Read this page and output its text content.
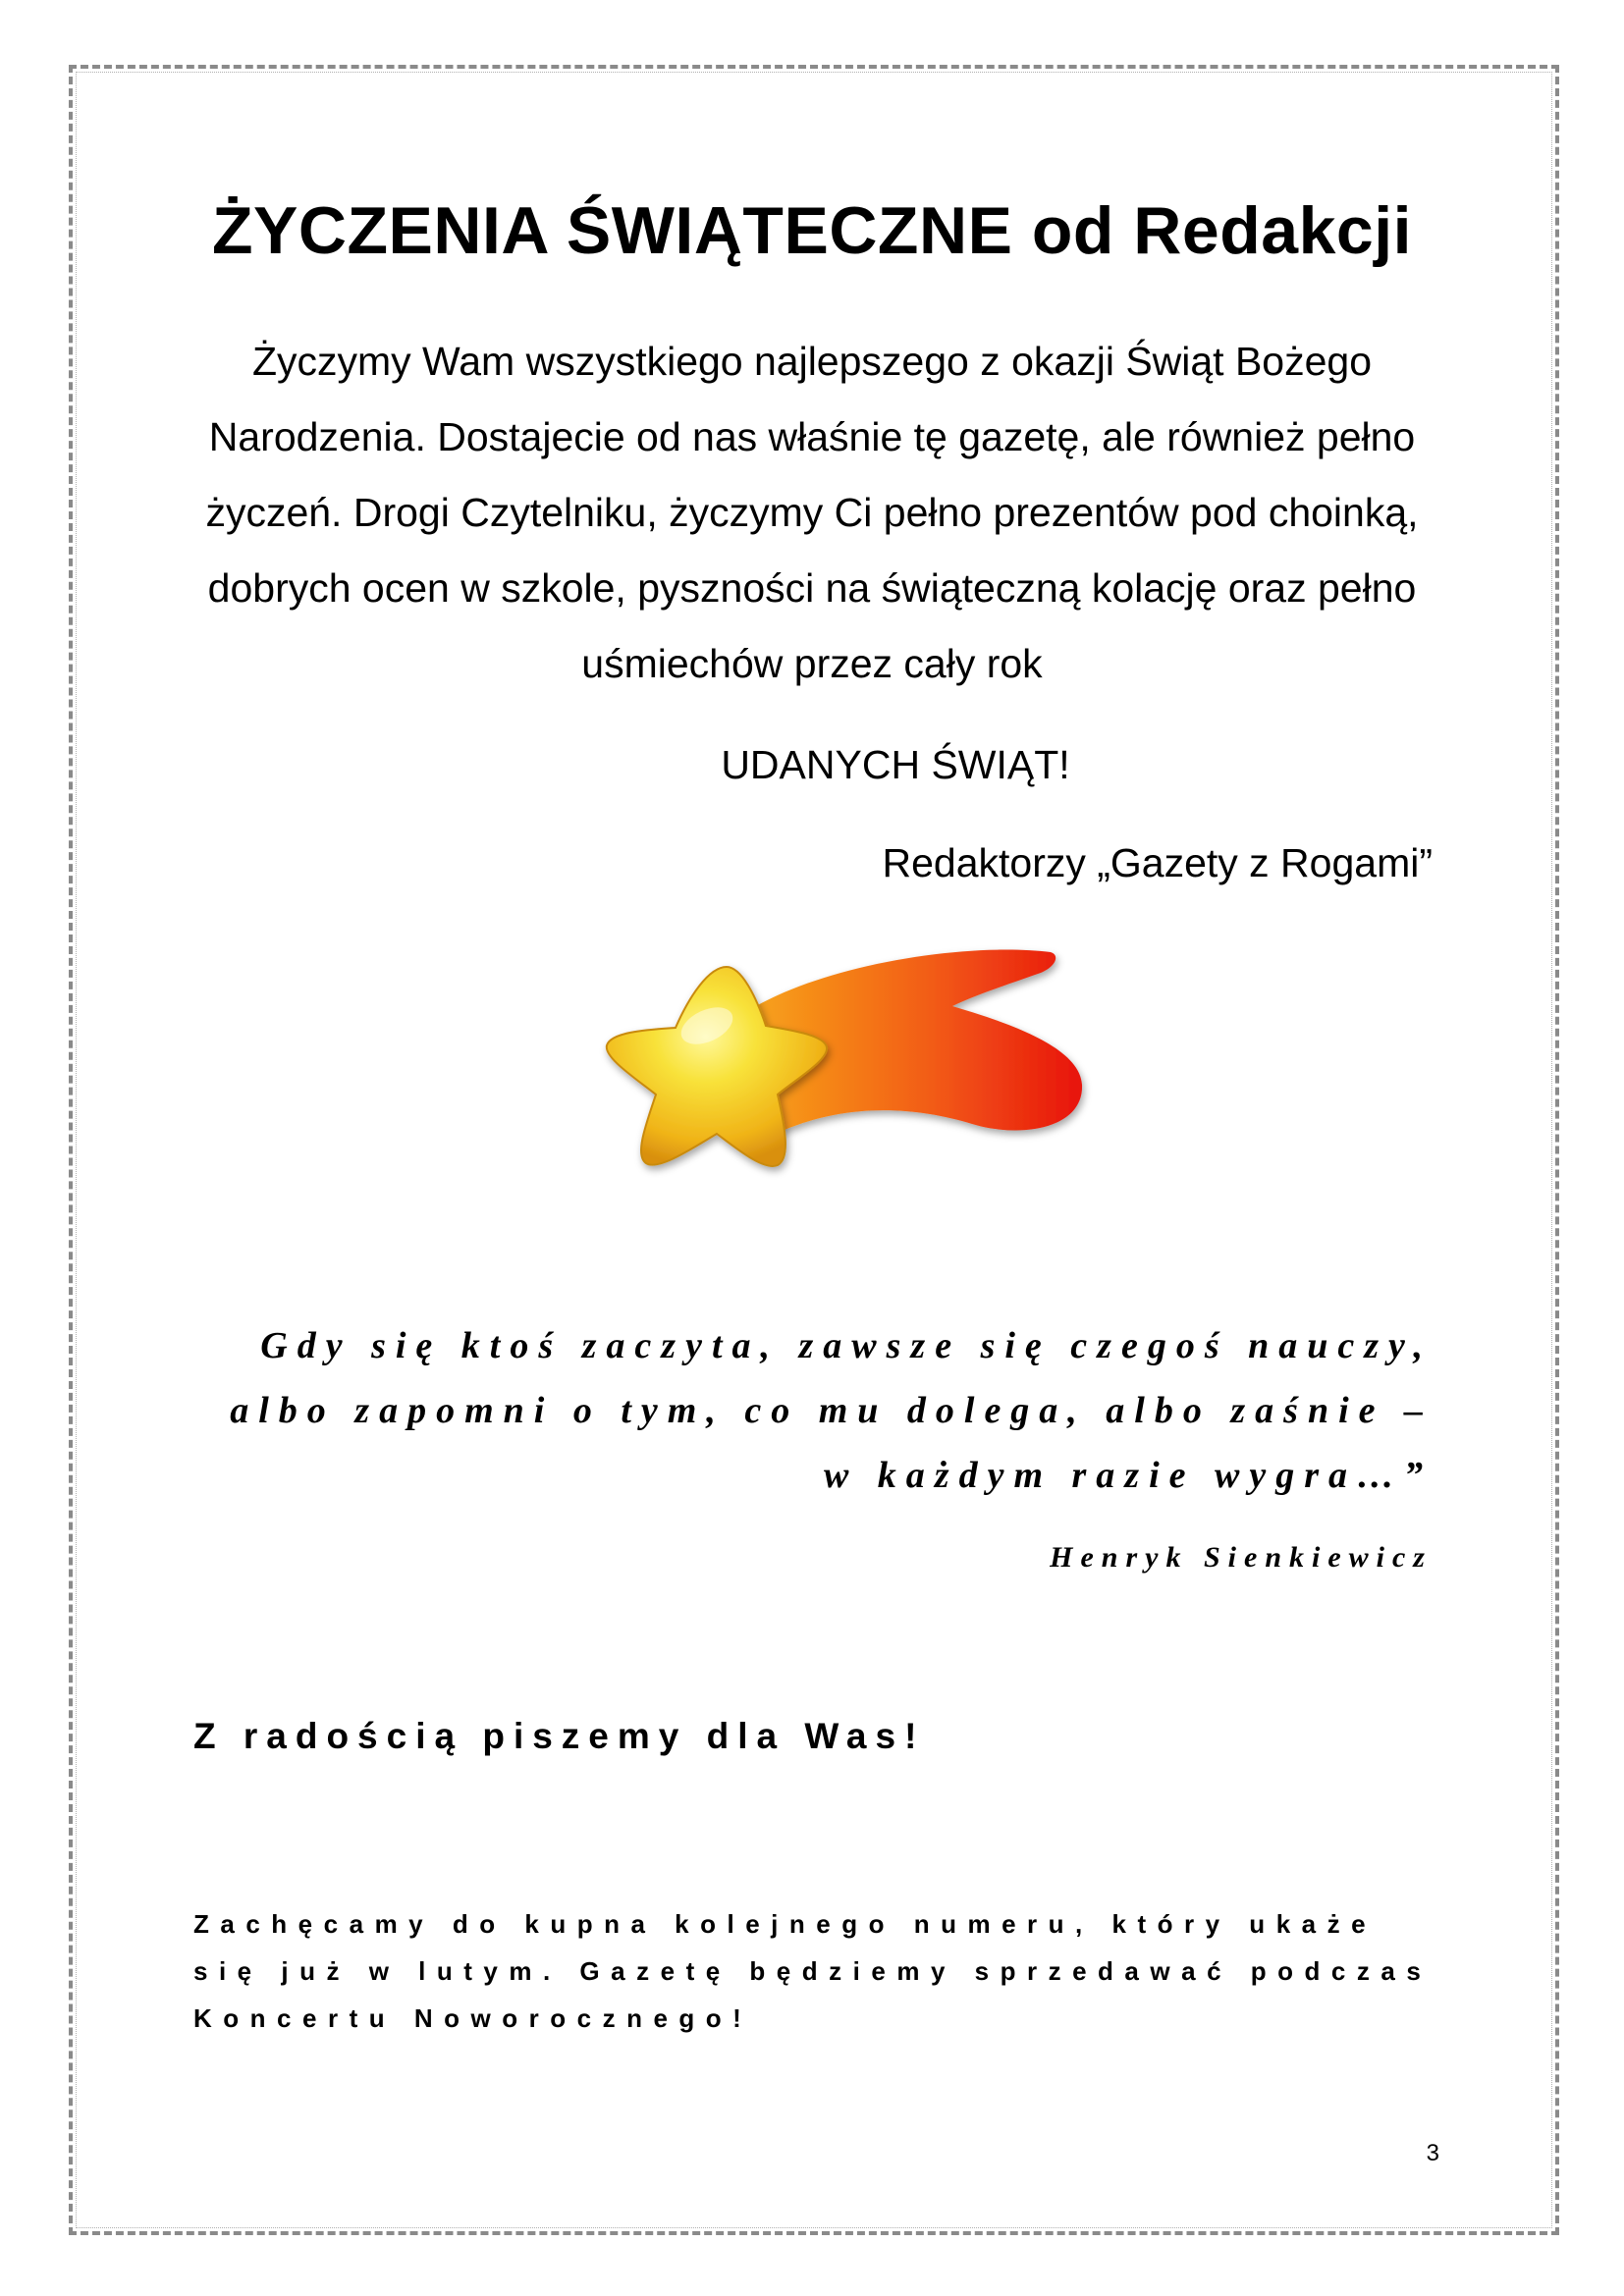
ŻYCZENIA ŚWIĄTECZNE od Redakcji

Życzymy Wam wszystkiego najlepszego z okazji Świąt Bożego Narodzenia. Dostajecie od nas właśnie tę gazetę, ale również pełno życzeń. Drogi Czytelniku, życzymy Ci pełno prezentów pod choinką, dobrych ocen w szkole, pyszności na świąteczną kolację oraz pełno uśmiechów przez cały rok

UDANYCH ŚWIĄT!

Redaktorzy „Gazety z Rogami”

Gdy się ktoś zaczyta, zawsze się czegoś nauczy, albo zapomni o tym, co mu dolega, albo zaśnie – w każdym razie wygra…”

Henryk Sienkiewicz

Z radością piszemy dla Was!

Zachęcamy do kupna kolejnego numeru, który ukaże się już w lutym. Gazetę będziemy sprzedawać podczas Koncertu Noworocznego!

3
